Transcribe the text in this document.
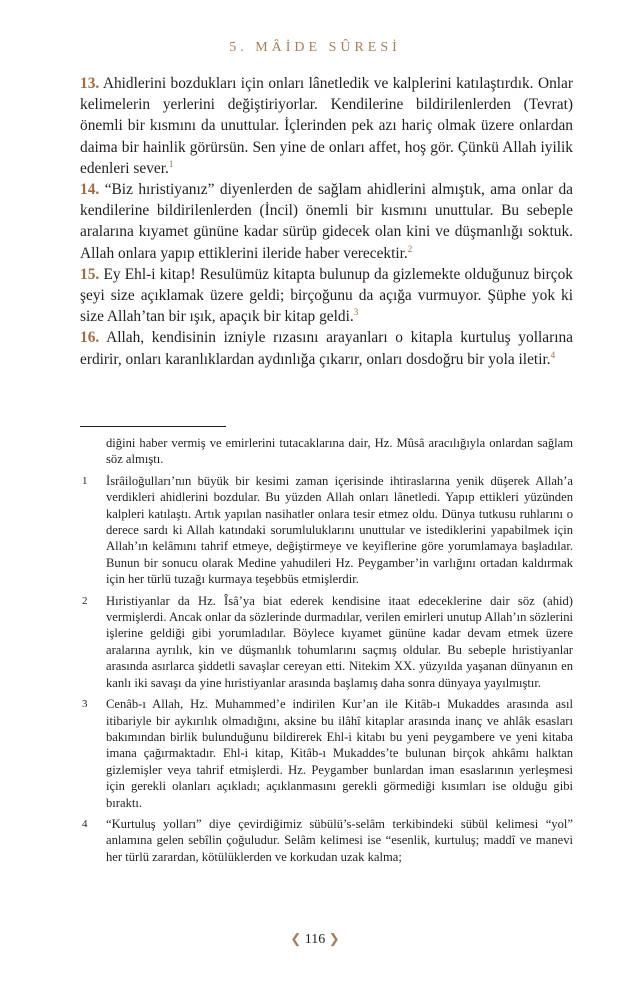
5. MÂİDE SÛRESİ

13. Ahidlerini bozdukları için onları lânetledik ve kalplerini katılaştırdık. Onlar kelimelerin yerlerini değiştiriyorlar. Kendilerine bildirilenlerden (Tevrat) önemli bir kısmını da unuttular. İçlerinden pek azı hariç olmak üzere onlardan daima bir hainlik görürsün. Sen yine de onları affet, hoş gör. Çünkü Allah iyilik edenleri sever.$^1$

14. “Biz hıristiyanız” diyenlerden de sağlam ahidlerini almıştık, ama onlar da kendilerine bildirilenlerden (İncil) önemli bir kısmını unuttular. Bu sebeple aralarına kıyamet gününe kadar sürüp gidecek olan kini ve düşmanlığı soktuk. Allah onlara yapıp ettiklerini ileride haber verecektir.$^2$

15. Ey Ehl-i kitap! Resulümüz kitapta bulunup da gizlemekte olduğunuz birçok şeyi size açıklamak üzere geldi; birçoğunu da açığa vurmuyor. Şüphe yok ki size Allah’tan bir ışık, apaçık bir kitap geldi.$^3$

16. Allah, kendisinin izniyle rızasını arayanları o kitapla kurtuluş yollarına erdirir, onları karanlıklardan aydınlığa çıkarır, onları dosdoğru bir yola iletir.$^4$

diğini haber vermiş ve emirlerini tutacaklarına dair, Hz. Mûsâ aracılığıyla onlardan sağlam söz almıştı.
1 İsrâiloğulları’nın büyük bir kesimi zaman içerisinde ihtiraslarına yenik düşerek Allah’a verdikleri ahidlerini bozdular. Bu yüzden Allah onları lânetledi. Yapıp ettikleri yüzünden kalpleri katılaştı. Artık yapılan nasihatler onlara tesir etmez oldu. Dünya tutkusu ruhlarını o derece sardı ki Allah katındaki sorumluluklarını unuttular ve istediklerini yapabilmek için Allah’ın kelâmını tahrif etmeye, değiştirmeye ve keyiflerine göre yorumlamaya başladılar. Bunun bir sonucu olarak Medine yahudileri Hz. Peygamber’in varlığını ortadan kaldırmak için her türlü tuzağı kurmaya teşebbüs etmişlerdir.
2 Hıristiyanlar da Hz. Îsâ’ya biat ederek kendisine itaat edeceklerine dair söz (ahid) vermişlerdi. Ancak onlar da sözlerinde durmadılar, verilen emirleri unutup Allah’ın sözlerini işlerine geldiği gibi yorumladılar. Böylece kıyamet gününe kadar devam etmek üzere aralarına ayrılık, kin ve düşmanlık tohumlarını saçmış oldular. Bu sebeple hıristiyanlar arasında asırlarca şiddetli savaşlar cereyan etti. Nitekim XX. yüzyılda yaşanan dünyanın en kanlı iki savaşı da yine hıristiyanlar arasında başlamış daha sonra dünyaya yayılmıştır.
3 Cenâb-ı Allah, Hz. Muhammed’e indirilen Kur’an ile Kitâb-ı Mukaddes arasında asıl itibariyle bir aykırılık olmadığını, aksine bu ilâhî kitaplar arasında inanç ve ahlâk esasları bakımından birlik bulunduğunu bildirerek Ehl-i kitabı bu yeni peygambere ve yeni kitaba imana çağırmaktadır. Ehl-i kitap, Kitâb-ı Mukaddes’te bulunan birçok ahkâmı halktan gizlemişler veya tahrif etmişlerdi. Hz. Peygamber bunlardan iman esaslarının yerleşmesi için gerekli olanları açıkladı; açıklanmasını gerekli görmediği kısımları ise olduğu gibi bıraktı.
4 “Kurtuluş yolları” diye çevirdiğimiz sübülü’s-selâm terkibindeki sübül kelimesi “yol” anlamına gelen sebîlin çoğuludur. Selâm kelimesi ise “esenlik, kurtuluş; maddî ve manevi her türlü zarardan, kötülüklerden ve korkudan uzak kalma;
❮ 116 ❯
